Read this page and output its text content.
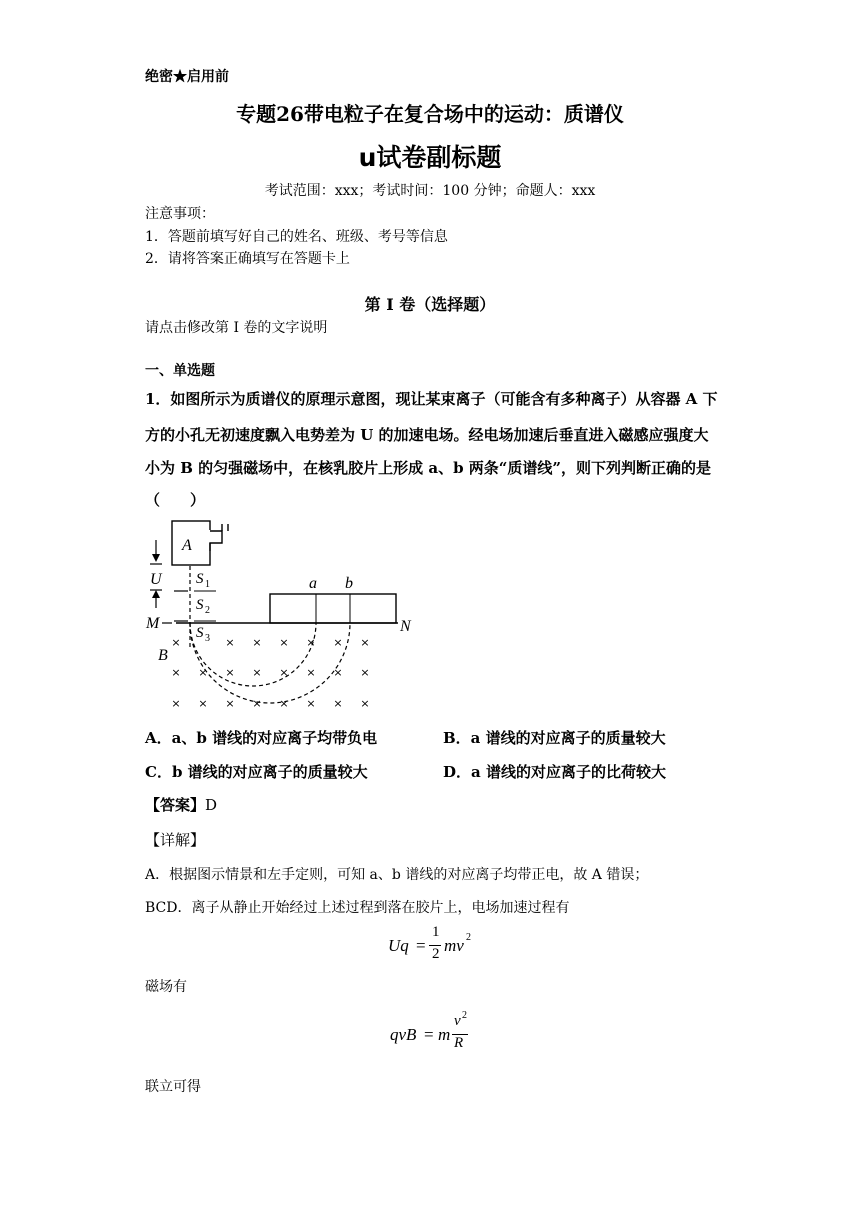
绝密★启用前
专题26带电粒子在复合场中的运动：质谱仪
u试卷副标题
考试范围：xxx；考试时间：100 分钟；命题人：xxx
注意事项：
1．答题前填写好自己的姓名、班级、考号等信息
2．请将答案正确填写在答题卡上
第 I 卷（选择题）
请点击修改第 I 卷的文字说明
一、单选题
1．如图所示为质谱仪的原理示意图，现让某束离子（可能含有多种离子）从容器 A 下
方的小孔无初速度飘入电势差为 U 的加速电场。经电场加速后垂直进入磁感应强度大
小为 B 的匀强磁场中，在核乳胶片上形成 a、b 两条“质谱线”，则下列判断正确的是
（　　）
A
U S 1
S 2
M	N
a b
S 3
B
×	× × × × × ×
× × × × × × × ×
× × × × × × × ×
A．a、b 谱线的对应离子均带负电	B．a 谱线的对应离子的质量较大
C．b 谱线的对应离子的质量较大	D．a 谱线的对应离子的比荷较大
【答案】D
【详解】
A．根据图示情景和左手定则，可知 a、b 谱线的对应离子均带正电，故 A 错误；
BCD．离子从静止开始经过上述过程到落在胶片上，电场加速过程有
Uq =
1
2 mv 2
磁场有
qvB = m
v 2
R
联立可得
